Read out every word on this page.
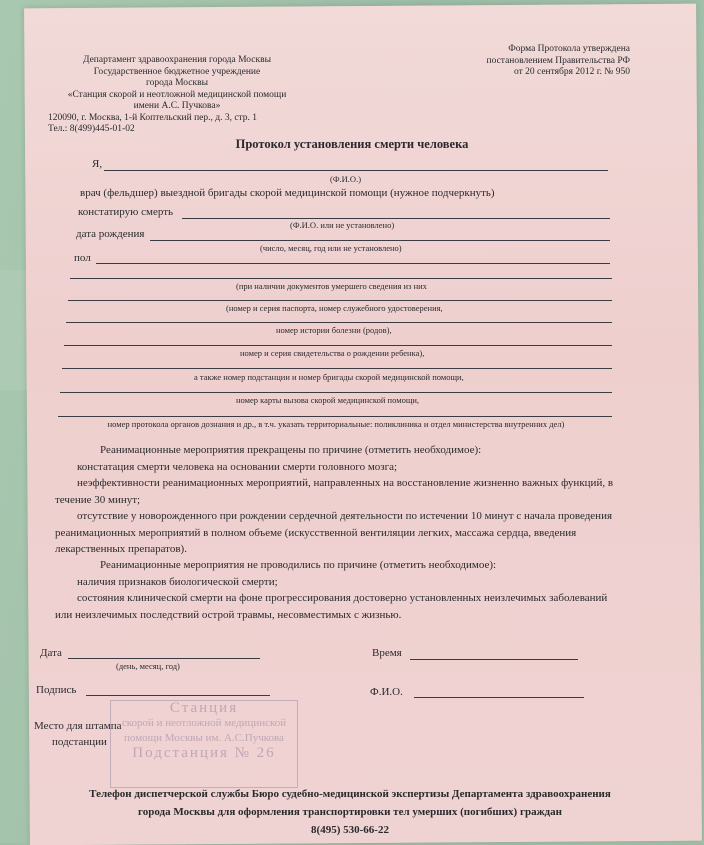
Департамент здравоохранения города Москвы
Государственное бюджетное учреждение
города Москвы
«Станция скорой и неотложной медицинской помощи
имени А.С. Пучкова»
120090, г. Москва, 1-й Коптельский пер., д. 3, стр. 1
Тел.: 8(499)445-01-02
Форма Протокола утверждена
постановлением Правительства РФ
от 20 сентября 2012 г. № 950
Протокол установления смерти человека
Я,
(Ф.И.О.)
врач (фельдшер) выездной бригады скорой медицинской помощи (нужное подчеркнуть)
констатирую смерть
(Ф.И.О. или не установлено)
дата рождения
(число, месяц, год или не установлено)
пол
(при наличии документов умершего сведения из них
(номер и серия паспорта, номер служебного удостоверения,
номер истории болезни (родов),
номер и серия свидетельства о рождении ребенка),
а также номер подстанции и номер бригады скорой медицинской помощи,
номер карты вызова скорой медицинской помощи,
номер протокола органов дознания и др., в т.ч. указать территориальные: поликлиника и отдел министерства внутренних дел)

Реанимационные мероприятия прекращены по причине (отметить необходимое):

констатация смерти человека на основании смерти головного мозга;

неэффективности реанимационных мероприятий, направленных на восстановление жизненно важных функций, в течение 30 минут;

отсутствие у новорожденного при рождении сердечной деятельности по истечении 10 минут с начала проведения реанимационных мероприятий в полном объеме (искусственной вентиляции легких, массажа сердца, введения лекарственных препаратов).

Реанимационные мероприятия не проводились по причине (отметить необходимое):

наличия признаков биологической смерти;

состояния клинической смерти на фоне прогрессирования достоверно установленных неизлечимых заболеваний или неизлечимых последствий острой травмы, несовместимых с жизнью.

Дата
(день, месяц, год)
Время
Подпись	Ф.И.О.
Станция
скорой и неотложной медицинской
помощи Москвы им. А.С.Пучкова
Подстанция № 26
Место для штампа
подстанции
Телефон диспетчерской службы Бюро судебно-медицинской экспертизы Департамента здравоохранения
города Москвы для оформления транспортировки тел умерших (погибших) граждан
8(495) 530-66-22
